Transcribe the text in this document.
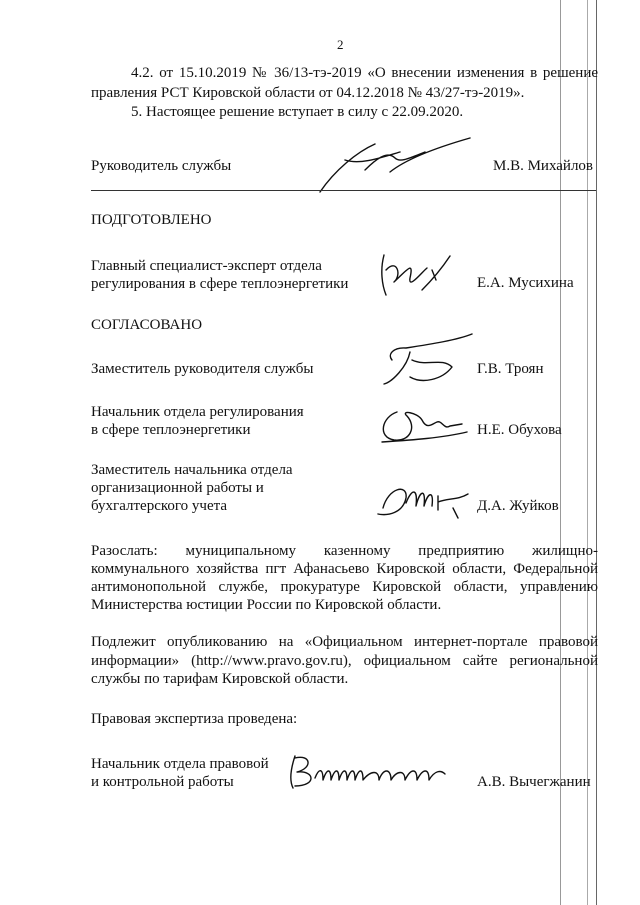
2
4.2. от 15.10.2019 № 36/13-тэ-2019 «О внесении изменения в решение
правления РСТ Кировской области от 04.12.2018 № 43/27-тэ-2019».
5. Настоящее решение вступает в силу с 22.09.2020.
Руководитель службы	М.В. Михайлов
ПОДГОТОВЛЕНО
Главный специалист-эксперт отдела
регулирования в сфере теплоэнергетики	Е.А. Мусихина
СОГЛАСОВАНО
Заместитель руководителя службы	Г.В. Троян
Начальник отдела регулирования
в сфере теплоэнергетики	Н.Е. Обухова
Заместитель начальника отдела
организационной работы и
бухгалтерского учета	Д.А. Жуйков
Разослать: муниципальному казенному предприятию жилищно-
коммунального хозяйства пгт Афанасьево Кировской области, Федеральной
антимонопольной службе, прокуратуре Кировской области, управлению
Министерства юстиции России по Кировской области.
Подлежит опубликованию на «Официальном интернет-портале правовой
информации» (http://www.pravo.gov.ru), официальном сайте региональной
службы по тарифам Кировской области.
Правовая экспертиза проведена:
Начальник отдела правовой
и контрольной работы	А.В. Вычегжанин
